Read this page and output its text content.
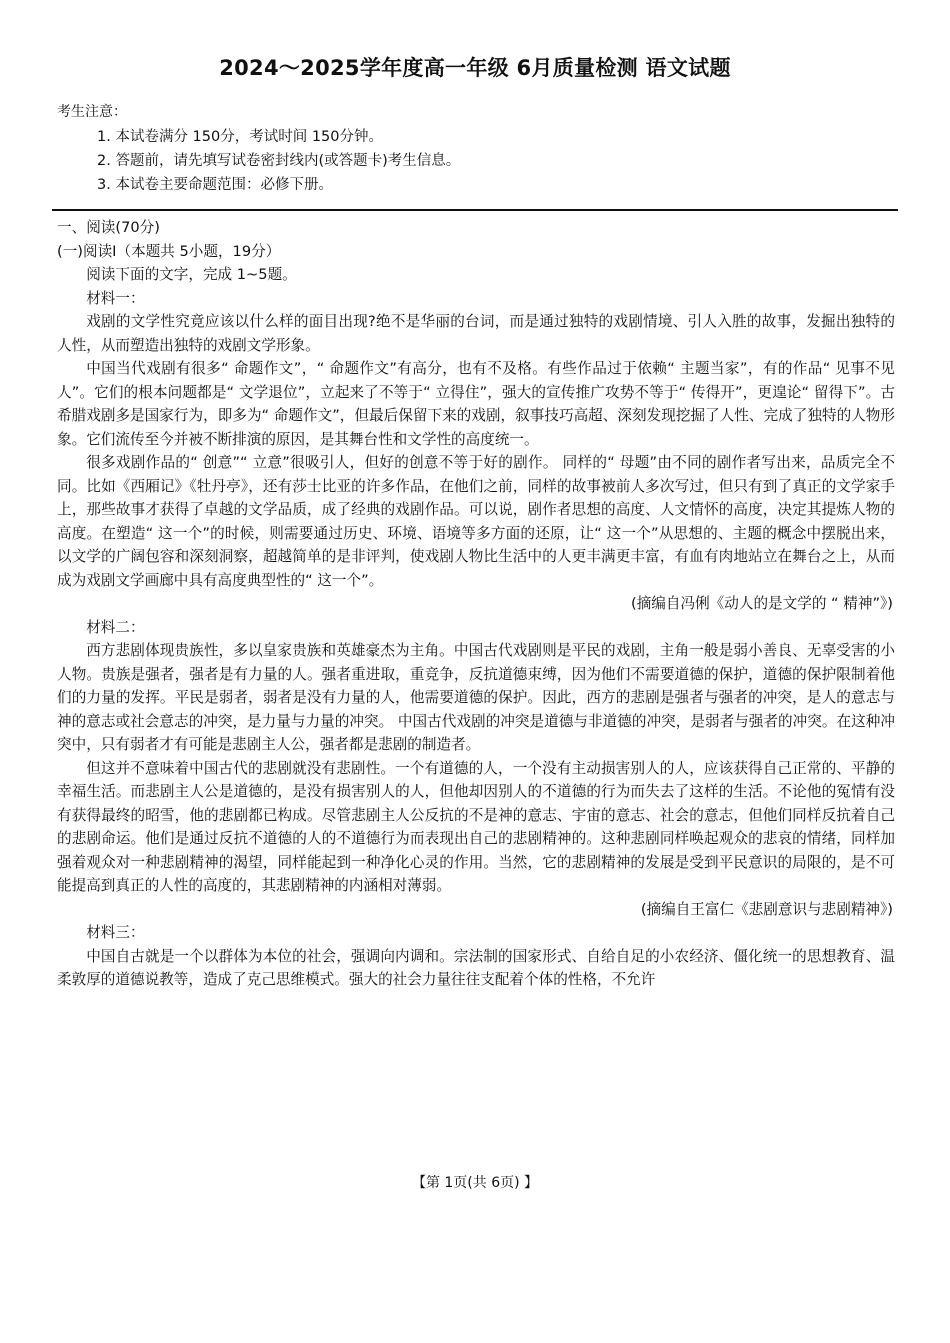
2024～2025学年度高一年级 6月质量检测 语文试题
考生注意：
1. 本试卷满分 150分，考试时间 150分钟。
2. 答题前，请先填写试卷密封线内(或答题卡)考生信息。
3. 本试卷主要命题范围：必修下册。

一、阅读(70分)

(一)阅读Ⅰ（本题共 5小题，19分）

阅读下面的文字，完成 1~5题。

材料一：

戏剧的文学性究竟应该以什么样的面目出现?绝不是华丽的台词，而是通过独特的戏剧情境、引人入胜的故事，发掘出独特的人性，从而塑造出独特的戏剧文学形象。

中国当代戏剧有很多“ 命题作文”，“ 命题作文”有高分，也有不及格。有些作品过于依赖“ 主题当家”，有的作品“ 见事不见人”。它们的根本问题都是“ 文学退位”，立起来了不等于“ 立得住”，强大的宣传推广攻势不等于“ 传得开”，更遑论“ 留得下”。古希腊戏剧多是国家行为，即多为“ 命题作文”，但最后保留下来的戏剧，叙事技巧高超、深刻发现挖掘了人性、完成了独特的人物形象。它们流传至今并被不断排演的原因，是其舞台性和文学性的高度统一。

很多戏剧作品的“ 创意”“ 立意”很吸引人，但好的创意不等于好的剧作。 同样的“ 母题”由不同的剧作者写出来，品质完全不同。比如《西厢记》《牡丹亭》，还有莎士比亚的许多作品，在他们之前，同样的故事被前人多次写过，但只有到了真正的文学家手上，那些故事才获得了卓越的文学品质，成了经典的戏剧作品。可以说，剧作者思想的高度、人文情怀的高度，决定其提炼人物的高度。在塑造“ 这一个”的时候，则需要通过历史、环境、语境等多方面的还原，让“ 这一个”从思想的、主题的概念中摆脱出来，以文学的广阔包容和深刻洞察，超越简单的是非评判，使戏剧人物比生活中的人更丰满更丰富，有血有肉地站立在舞台之上，从而成为戏剧文学画廊中具有高度典型性的“ 这一个”。

(摘编自冯俐《动人的是文学的 “ 精神”》)

材料二：

西方悲剧体现贵族性，多以皇家贵族和英雄豪杰为主角。中国古代戏剧则是平民的戏剧，主角一般是弱小善良、无辜受害的小人物。贵族是强者，强者是有力量的人。强者重进取，重竞争，反抗道德束缚，因为他们不需要道德的保护，道德的保护限制着他们的力量的发挥。平民是弱者，弱者是没有力量的人，他需要道德的保护。因此，西方的悲剧是强者与强者的冲突，是人的意志与神的意志或社会意志的冲突，是力量与力量的冲突。 中国古代戏剧的冲突是道德与非道德的冲突，是弱者与强者的冲突。在这种冲突中，只有弱者才有可能是悲剧主人公，强者都是悲剧的制造者。

但这并不意味着中国古代的悲剧就没有悲剧性。一个有道德的人，一个没有主动损害别人的人，应该获得自己正常的、平静的幸福生活。而悲剧主人公是道德的，是没有损害别人的人，但他却因别人的不道德的行为而失去了这样的生活。不论他的冤情有没有获得最终的昭雪，他的悲剧都已构成。尽管悲剧主人公反抗的不是神的意志、宇宙的意志、社会的意志，但他们同样反抗着自己的悲剧命运。他们是通过反抗不道德的人的不道德行为而表现出自己的悲剧精神的。这种悲剧同样唤起观众的悲哀的情绪，同样加强着观众对一种悲剧精神的渴望，同样能起到一种净化心灵的作用。当然，它的悲剧精神的发展是受到平民意识的局限的，是不可能提高到真正的人性的高度的，其悲剧精神的内涵相对薄弱。

(摘编自王富仁《悲剧意识与悲剧精神》)

材料三：

中国自古就是一个以群体为本位的社会，强调向内调和。宗法制的国家形式、自给自足的小农经济、僵化统一的思想教育、温柔敦厚的道德说教等，造成了克己思维模式。强大的社会力量往往支配着个体的性格，不允许

【第 1页(共 6页) 】
